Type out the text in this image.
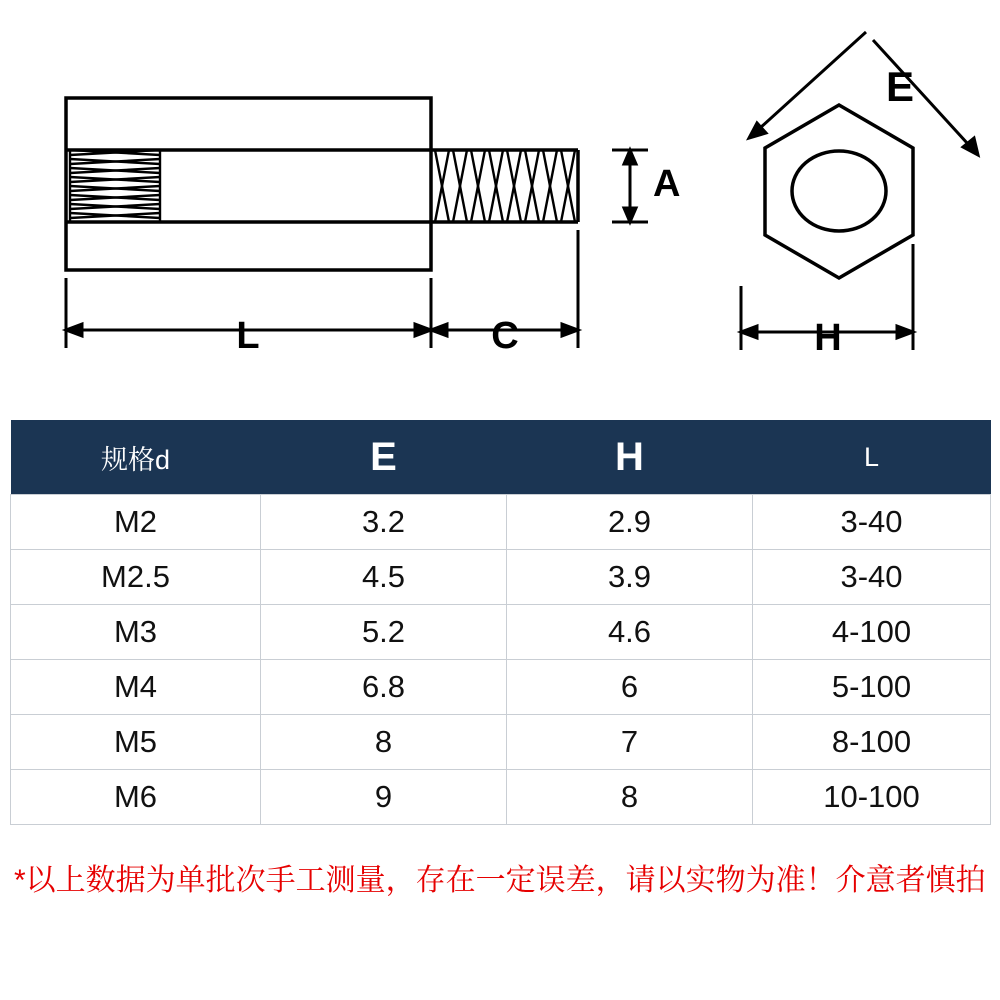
A
L	C
E
H
规格d	E	H	L
M2	3.2	2.9	3-40
M2.5	4.5	3.9	3-40
M3	5.2	4.6	4-100
M4	6.8	6	5-100
M5	8	7	8-100
M6	9	8	10-100
*以上数据为单批次手工测量，存在一定误差，请以实物为准！介意者慎拍
